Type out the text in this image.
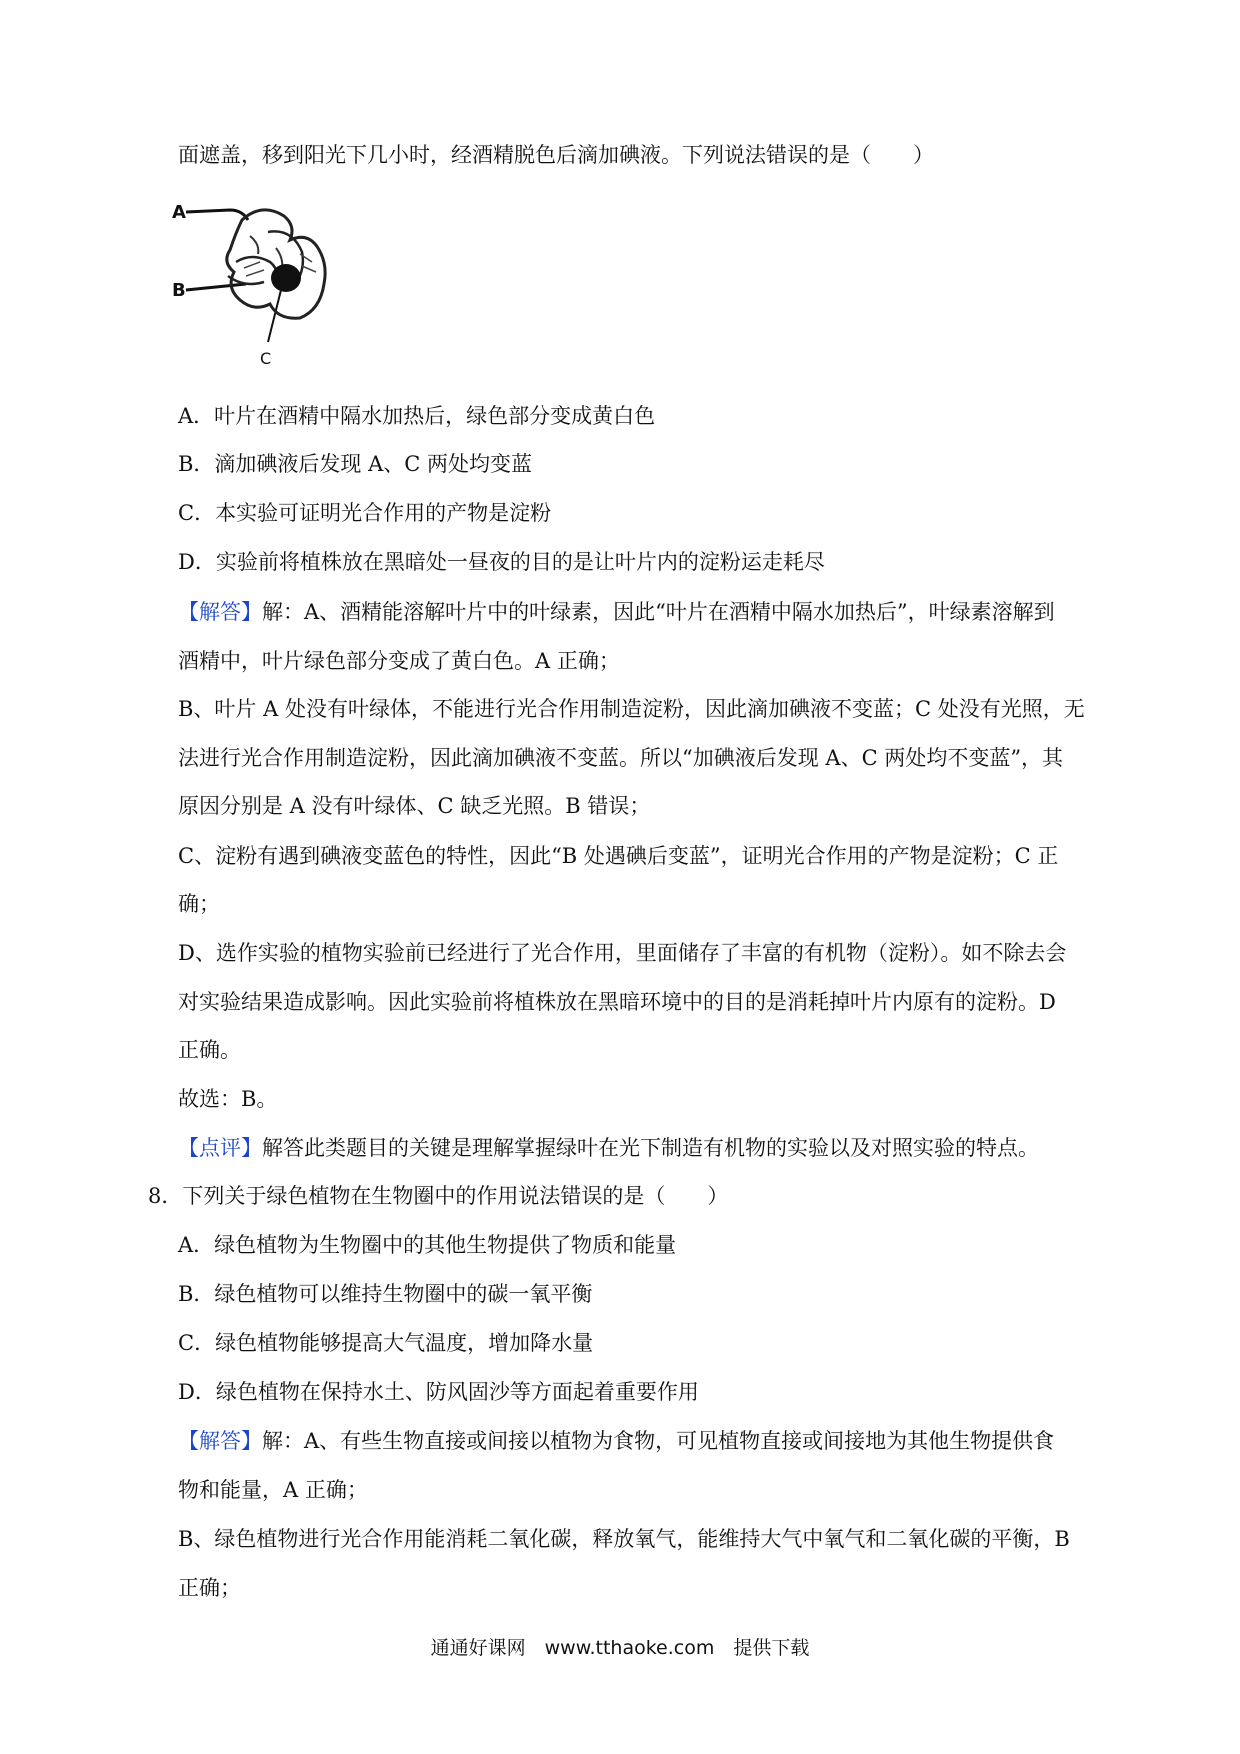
面遮盖，移到阳光下几小时，经酒精脱色后滴加碘液。下列说法错误的是（　　）
A
B
C
A．叶片在酒精中隔水加热后，绿色部分变成黄白色
B．滴加碘液后发现 A、C 两处均变蓝
C．本实验可证明光合作用的产物是淀粉
D．实验前将植株放在黑暗处一昼夜的目的是让叶片内的淀粉运走耗尽
【解答】解：A、酒精能溶解叶片中的叶绿素，因此“叶片在酒精中隔水加热后”，叶绿素溶解到
酒精中，叶片绿色部分变成了黄白色。A 正确；
B、叶片 A 处没有叶绿体，不能进行光合作用制造淀粉，因此滴加碘液不变蓝；C 处没有光照，无
法进行光合作用制造淀粉，因此滴加碘液不变蓝。所以“加碘液后发现 A、C 两处均不变蓝”，其
原因分别是 A 没有叶绿体、C 缺乏光照。B 错误；
C、淀粉有遇到碘液变蓝色的特性，因此“B 处遇碘后变蓝”，证明光合作用的产物是淀粉；C 正
确；
D、选作实验的植物实验前已经进行了光合作用，里面储存了丰富的有机物（淀粉）。如不除去会
对实验结果造成影响。因此实验前将植株放在黑暗环境中的目的是消耗掉叶片内原有的淀粉。D
正确。
故选：B。
【点评】解答此类题目的关键是理解掌握绿叶在光下制造有机物的实验以及对照实验的特点。
8．下列关于绿色植物在生物圈中的作用说法错误的是（　　）
A．绿色植物为生物圈中的其他生物提供了物质和能量
B．绿色植物可以维持生物圈中的碳一氧平衡
C．绿色植物能够提高大气温度，增加降水量
D．绿色植物在保持水土、防风固沙等方面起着重要作用
【解答】解：A、有些生物直接或间接以植物为食物，可见植物直接或间接地为其他生物提供食
物和能量，A 正确；
B、绿色植物进行光合作用能消耗二氧化碳，释放氧气，能维持大气中氧气和二氧化碳的平衡，B
正确；
通通好课网　www.tthaoke.com　提供下载
